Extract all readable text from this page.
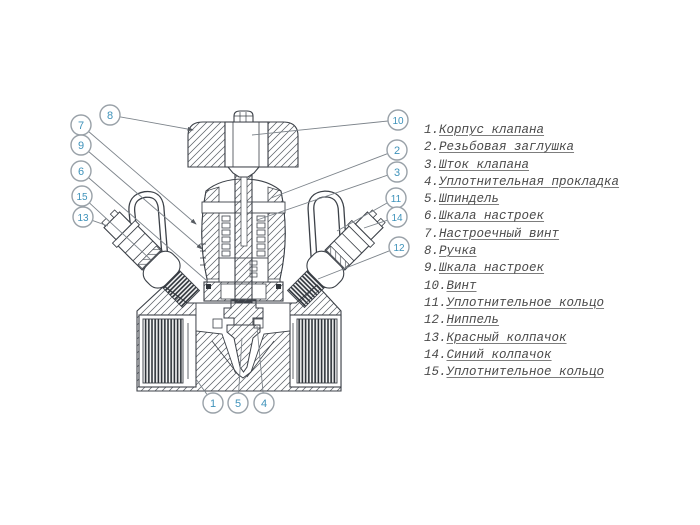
8
7
9
6
15
13
10
2
3
11
14
12
1 5 4
1.Корпус клапана
2.Резьбовая заглушка
3.Шток клапана
4.Уплотнительная прокладка
5.Шпиндель
6.Шкала настроек
7.Настроечный винт
8.Ручка
9.Шкала настроек
10.Винт
11.Уплотнительное кольцо
12.Ниппель
13.Красный колпачок
14.Синий колпачок
15.Уплотнительное кольцо
